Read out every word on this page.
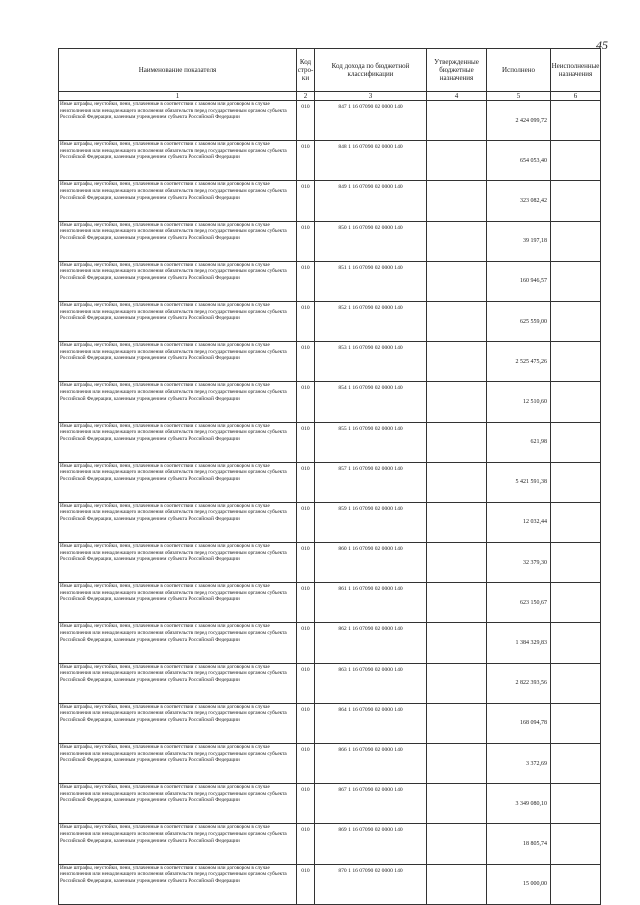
45
Наименование показателя	Код стро-ки	Код дохода по бюджетной классификации	Утвержденные бюджетные назначения	Исполнено	Неисполненные назначения
1	2	3	4	5	6
Иные штрафы, неустойки, пени, уплаченные в соответствии с законом или договором в случае неисполнения или ненадлежащего исполнения обязательств перед государственным органом субъекта Российской Федерации, казенным учреждением субъекта Российской Федерации	010	847 1 16 07090 02 0000 140		2 424 099,72	
Иные штрафы, неустойки, пени, уплаченные в соответствии с законом или договором в случае неисполнения или ненадлежащего исполнения обязательств перед государственным органом субъекта Российской Федерации, казенным учреждением субъекта Российской Федерации	010	848 1 16 07090 02 0000 140		654 053,40	
Иные штрафы, неустойки, пени, уплаченные в соответствии с законом или договором в случае неисполнения или ненадлежащего исполнения обязательств перед государственным органом субъекта Российской Федерации, казенным учреждением субъекта Российской Федерации	010	849 1 16 07090 02 0000 140		323 082,42	
Иные штрафы, неустойки, пени, уплаченные в соответствии с законом или договором в случае неисполнения или ненадлежащего исполнения обязательств перед государственным органом субъекта Российской Федерации, казенным учреждением субъекта Российской Федерации	010	850 1 16 07090 02 0000 140		39 197,18	
Иные штрафы, неустойки, пени, уплаченные в соответствии с законом или договором в случае неисполнения или ненадлежащего исполнения обязательств перед государственным органом субъекта Российской Федерации, казенным учреждением субъекта Российской Федерации	010	851 1 16 07090 02 0000 140		160 946,57	
Иные штрафы, неустойки, пени, уплаченные в соответствии с законом или договором в случае неисполнения или ненадлежащего исполнения обязательств перед государственным органом субъекта Российской Федерации, казенным учреждением субъекта Российской Федерации	010	852 1 16 07090 02 0000 140		625 559,00	
Иные штрафы, неустойки, пени, уплаченные в соответствии с законом или договором в случае неисполнения или ненадлежащего исполнения обязательств перед государственным органом субъекта Российской Федерации, казенным учреждением субъекта Российской Федерации	010	853 1 16 07090 02 0000 140		2 525 475,26	
Иные штрафы, неустойки, пени, уплаченные в соответствии с законом или договором в случае неисполнения или ненадлежащего исполнения обязательств перед государственным органом субъекта Российской Федерации, казенным учреждением субъекта Российской Федерации	010	854 1 16 07090 02 0000 140		12 510,60	
Иные штрафы, неустойки, пени, уплаченные в соответствии с законом или договором в случае неисполнения или ненадлежащего исполнения обязательств перед государственным органом субъекта Российской Федерации, казенным учреждением субъекта Российской Федерации	010	855 1 16 07090 02 0000 140		621,98	
Иные штрафы, неустойки, пени, уплаченные в соответствии с законом или договором в случае неисполнения или ненадлежащего исполнения обязательств перед государственным органом субъекта Российской Федерации, казенным учреждением субъекта Российской Федерации	010	857 1 16 07090 02 0000 140		5 421 591,38	
Иные штрафы, неустойки, пени, уплаченные в соответствии с законом или договором в случае неисполнения или ненадлежащего исполнения обязательств перед государственным органом субъекта Российской Федерации, казенным учреждением субъекта Российской Федерации	010	859 1 16 07090 02 0000 140		12 032,44	
Иные штрафы, неустойки, пени, уплаченные в соответствии с законом или договором в случае неисполнения или ненадлежащего исполнения обязательств перед государственным органом субъекта Российской Федерации, казенным учреждением субъекта Российской Федерации	010	860 1 16 07090 02 0000 140		32 379,30	
Иные штрафы, неустойки, пени, уплаченные в соответствии с законом или договором в случае неисполнения или ненадлежащего исполнения обязательств перед государственным органом субъекта Российской Федерации, казенным учреждением субъекта Российской Федерации	010	861 1 16 07090 02 0000 140		623 150,67	
Иные штрафы, неустойки, пени, уплаченные в соответствии с законом или договором в случае неисполнения или ненадлежащего исполнения обязательств перед государственным органом субъекта Российской Федерации, казенным учреждением субъекта Российской Федерации	010	862 1 16 07090 02 0000 140		1 384 329,83	
Иные штрафы, неустойки, пени, уплаченные в соответствии с законом или договором в случае неисполнения или ненадлежащего исполнения обязательств перед государственным органом субъекта Российской Федерации, казенным учреждением субъекта Российской Федерации	010	863 1 16 07090 02 0000 140		2 822 393,56	
Иные штрафы, неустойки, пени, уплаченные в соответствии с законом или договором в случае неисполнения или ненадлежащего исполнения обязательств перед государственным органом субъекта Российской Федерации, казенным учреждением субъекта Российской Федерации	010	864 1 16 07090 02 0000 140		168 094,78	
Иные штрафы, неустойки, пени, уплаченные в соответствии с законом или договором в случае неисполнения или ненадлежащего исполнения обязательств перед государственным органом субъекта Российской Федерации, казенным учреждением субъекта Российской Федерации	010	866 1 16 07090 02 0000 140		3 372,69	
Иные штрафы, неустойки, пени, уплаченные в соответствии с законом или договором в случае неисполнения или ненадлежащего исполнения обязательств перед государственным органом субъекта Российской Федерации, казенным учреждением субъекта Российской Федерации	010	867 1 16 07090 02 0000 140		3 349 080,10	
Иные штрафы, неустойки, пени, уплаченные в соответствии с законом или договором в случае неисполнения или ненадлежащего исполнения обязательств перед государственным органом субъекта Российской Федерации, казенным учреждением субъекта Российской Федерации	010	869 1 16 07090 02 0000 140		18 805,74	
Иные штрафы, неустойки, пени, уплаченные в соответствии с законом или договором в случае неисполнения или ненадлежащего исполнения обязательств перед государственным органом субъекта Российской Федерации, казенным учреждением субъекта Российской Федерации	010	870 1 16 07090 02 0000 140		15 000,00	
